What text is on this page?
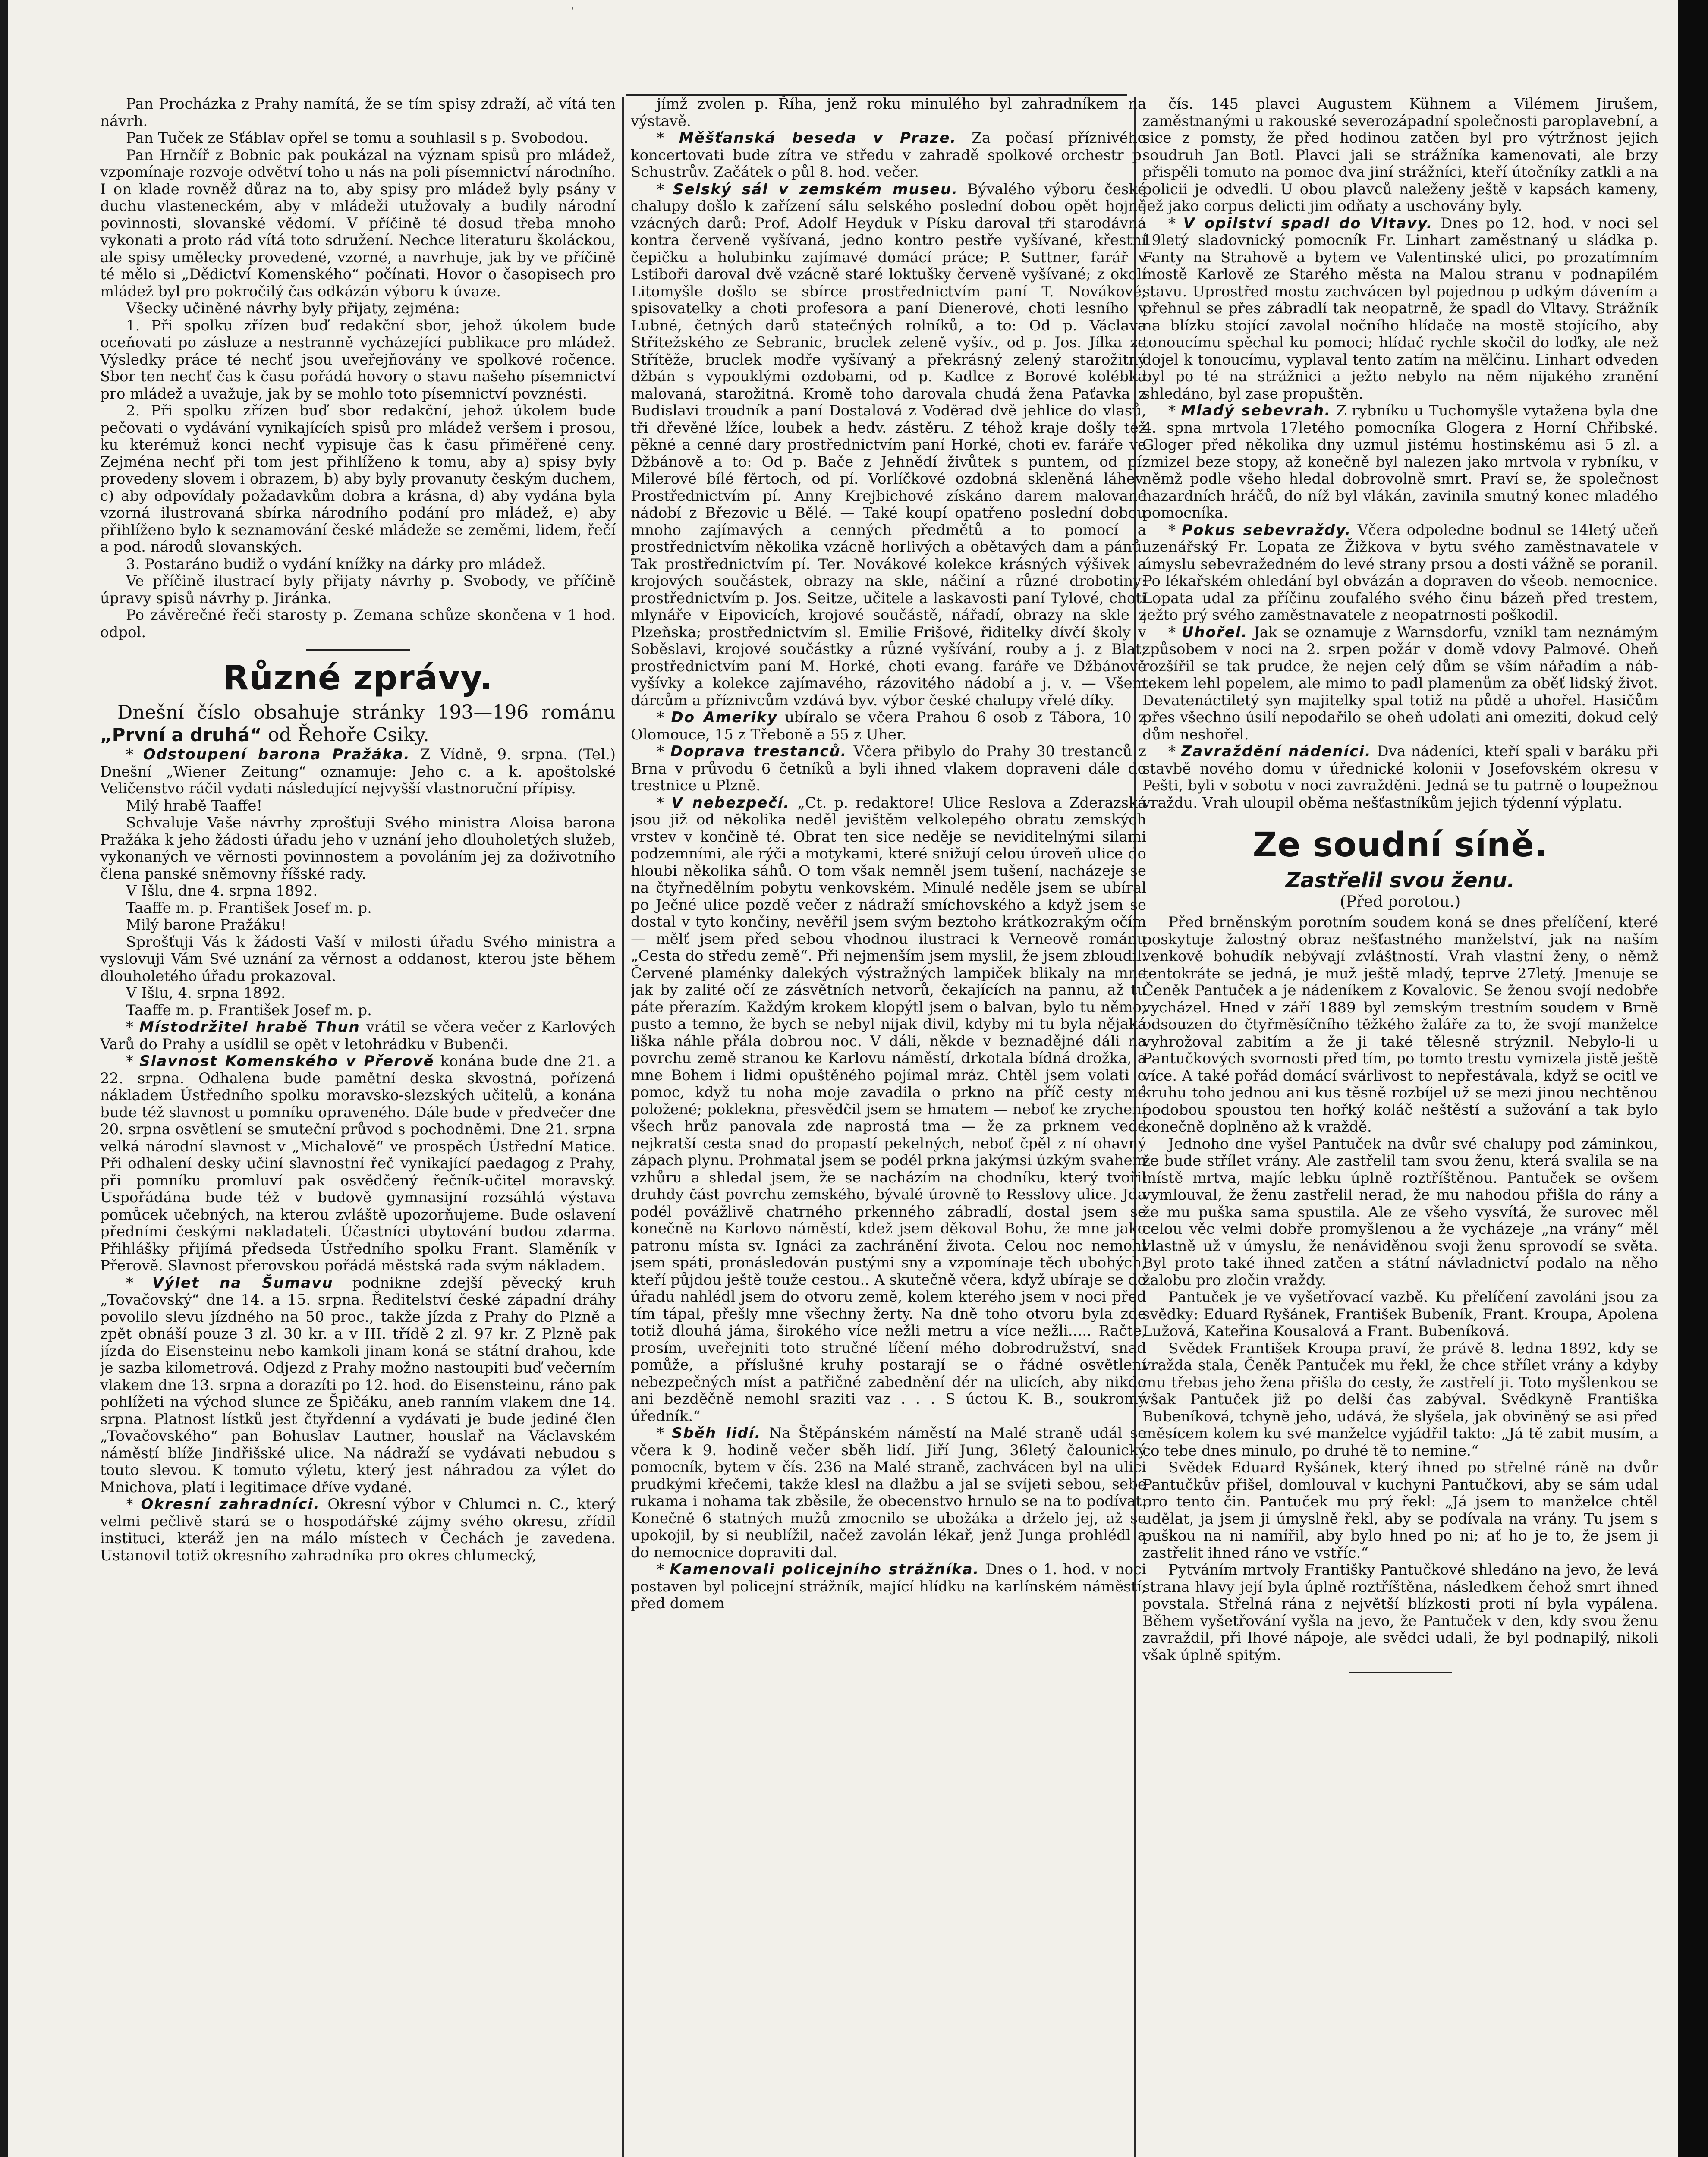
'

Pan Procházka z Prahy namítá, že se tím spisy zdraží, ač vítá ten návrh.

Pan Tuček ze Sťáblav opřel se tomu a souhlasil s p. Svobodou.

Pan Hrnčíř z Bobnic pak poukázal na význam spisů pro mládež, vzpomínaje rozvoje odvětví toho u nás na poli písemnictví národního. I on klade rovněž důraz na to, aby spisy pro mládež byly psány v duchu vlasteneckém, aby v mládeži utužovaly a budily národní povinnosti, slovanské vědomí. V příčině té dosud třeba mnoho vykonati a proto rád vítá toto sdružení. Nechce literaturu školáckou, ale spisy umělecky provedené, vzorné, a navrhuje, jak by ve příčině té mělo si „Dědictví Komenského“ počínati. Hovor o časopisech pro mládež byl pro pokročilý čas odkázán výboru k úvaze.

Všecky učiněné návrhy byly přijaty, zejména:

1. Při spolku zřízen buď redakční sbor, jehož úkolem bude oceňovati po zásluze a nestranně vycházející publikace pro mládež. Výsledky práce té nechť jsou uveřejňovány ve spolkové ročence. Sbor ten nechť čas k času pořádá hovory o stavu našeho písemnictví pro mládež a uvažuje, jak by se mohlo toto písemnictví povznésti.

2. Při spolku zřízen buď sbor redakční, jehož úkolem bude pečovati o vydávání vynikajících spisů pro mládež veršem i prosou, ku kterémuž konci nechť vypisuje čas k času přiměřené ceny. Zejména nechť při tom jest přihlíženo k tomu, aby a) spisy byly provedeny slovem i obrazem, b) aby byly provanuty českým duchem, c) aby odpovídaly požadavkům dobra a krásna, d) aby vydána byla vzorná ilustrovaná sbírka národního podání pro mládež, e) aby přihlíženo bylo k seznamování české mládeže se zeměmi, lidem, řečí a pod. národů slovanských.

3. Postaráno budiž o vydání knížky na dárky pro mládež.

Ve příčině ilustrací byly přijaty návrhy p. Svobody, ve příčině úpravy spisů návrhy p. Jiránka.

Po závěrečné řeči starosty p. Zemana schůze skončena v 1 hod. odpol.

Různé zprávy.

Dnešní číslo obsahuje stránky 193—196 románu „První a druhá“ od Řehoře Csiky.

* Odstoupení barona Pražáka. Z Vídně, 9. srpna. (Tel.) Dnešní „Wiener Zeitung“ oznamuje: Jeho c. a k. apoštolské Veličenstvo ráčil vydati následující nejvyšší vlastnoruční přípisy.

Milý hrabě Taaffe!

Schvaluje Vaše návrhy zprošťuji Svého ministra Aloisa barona Pražáka k jeho žádosti úřadu jeho v uznání jeho dlouholetých služeb, vykonaných ve věrnosti povinnostem a povoláním jej za doživotního člena panské sněmovny říšské rady.

V Išlu, dne 4. srpna 1892.

Taaffe m. p. František Josef m. p.

Milý barone Pražáku!

Sprošťuji Vás k žádosti Vaší v milosti úřadu Svého ministra a vyslovuji Vám Své uznání za věrnost a oddanost, kterou jste během dlouholetého úřadu prokazoval.

V Išlu, 4. srpna 1892.

Taaffe m. p. František Josef m. p.

* Místodržitel hrabě Thun vrátil se včera večer z Karlových Varů do Prahy a usídlil se opět v letohrádku v Bubenči.

* Slavnost Komenského v Přerově konána bude dne 21. a 22. srpna. Odhalena bude pamětní deska skvostná, pořízená nákladem Ústředního spolku moravsko-slezských učitelů, a konána bude též slavnost u pomníku opraveného. Dále bude v předvečer dne 20. srpna osvětlení se smuteční průvod s pochodněmi. Dne 21. srpna velká národní slavnost v „Michalově“ ve prospěch Ústřední Matice. Při odhalení desky učiní slavnostní řeč vynikající paedagog z Prahy, při pomníku promluví pak osvědčený řečník-učitel moravský. Uspořádána bude též v budově gymnasijní rozsáhlá výstava pomůcek učebných, na kterou zvláště upozorňujeme. Bude oslavení předními českými nakladateli. Účastníci ubytování budou zdarma. Přihlášky přijímá předseda Ústředního spolku Frant. Slaměník v Přerově. Slavnost přerovskou pořádá městská rada svým nákladem.

* Výlet na Šumavu podnikne zdejší pěvecký kruh „Tovačovský“ dne 14. a 15. srpna. Ředitelství české západní dráhy povolilo slevu jízdného na 50 proc., takže jízda z Prahy do Plzně a zpět obnáší pouze 3 zl. 30 kr. a v III. třídě 2 zl. 97 kr. Z Plzně pak jízda do Eisensteinu nebo kamkoli jinam koná se státní drahou, kde je sazba kilometrová. Odjezd z Prahy možno nastoupiti buď večerním vlakem dne 13. srpna a dorazíti po 12. hod. do Eisensteinu, ráno pak pohlížeti na východ slunce ze Špičáku, aneb ranním vlakem dne 14. srpna. Platnost lístků jest čtyřdenní a vydávati je bude jediné člen „Tovačovského“ pan Bohuslav Lautner, houslař na Václavském náměstí blíže Jindřišské ulice. Na nádraží se vydávati nebudou s touto slevou. K tomuto výletu, který jest náhradou za výlet do Mnichova, platí i legitimace dříve vydané.

* Okresní zahradníci. Okresní výbor v Chlumci n. C., který velmi pečlivě stará se o hospodářské zájmy svého okresu, zřídil instituci, kteráž jen na málo místech v Čechách je zavedena. Ustanovil totiž okresního zahradníka pro okres chlumecký,

jímž zvolen p. Říha, jenž roku minulého byl zahradníkem na výstavě.

* Měšťanská beseda v Praze. Za počasí příznivého koncertovati bude zítra ve středu v zahradě spolkové orchestr p. Schustrův. Začátek o půl 8. hod. večer.

* Selský sál v zemském museu. Bývalého výboru české chalupy došlo k zařízení sálu selského poslední dobou opět hojně vzácných darů: Prof. Adolf Heyduk v Písku daroval tři starodávná kontra červeně vyšívaná, jedno kontro pestře vyšívané, křestní čepičku a holubinku zajímavé domácí práce; P. Suttner, farář v Lstiboři daroval dvě vzácně staré loktušky červeně vyšívané; z okolí Litomyšle došlo se sbírce prostřednictvím paní T. Novákové, spisovatelky a choti profesora a paní Dienerové, choti lesního v Lubné, četných darů statečných rolníků, a to: Od p. Václava Střítežského ze Sebranic, bruclek zeleně vyšív., od p. Jos. Jílka ze Střítěže, bruclek modře vyšívaný a překrásný zelený starožitný džbán s vypouklými ozdobami, od p. Kadlce z Borové kolébka malovaná, starožitná. Kromě toho darovala chudá žena Paťavka z Budislavi troudník a paní Dostalová z Voděrad dvě jehlice do vlasů, tři dřevěné lžíce, loubek a hedv. zástěru. Z téhož kraje došly též pěkné a cenné dary prostřednictvím paní Horké, choti ev. faráře ve Džbánově a to: Od p. Bače z Jehnědí živůtek s puntem, od pí. Milerové bílé fěrtoch, od pí. Vorlíčkové ozdobná skleněná láhev. Prostřednictvím pí. Anny Krejbichové získáno darem malované nádobí z Březovic u Bělé. — Také koupí opatřeno poslední dobou mnoho zajímavých a cenných předmětů a to pomocí a prostřednictvím několika vzácně horlivých a obětavých dam a pánů. Tak prostřednictvím pí. Ter. Novákové kolekce krásných výšivek a krojových součástek, obrazy na skle, náčiní a různé drobotiny: prostřednictvím p. Jos. Seitze, učitele a laskavosti paní Tylové, choti mlynáře v Eipovicích, krojové součástě, nářadí, obrazy na skle z Plzeňska; prostřednictvím sl. Emilie Frišové, řiditelky dívčí školy v Soběslavi, krojové součástky a různé vyšívání, rouby a j. z Blat; prostřednictvím paní M. Horké, choti evang. faráře ve Džbánově vyšívky a kolekce zajímavého, rázovitého nádobí a j. v. — Všem dárcům a příznivcům vzdává byv. výbor české chalupy vřelé díky.

* Do Ameriky ubíralo se včera Prahou 6 osob z Tábora, 10 z Olomouce, 15 z Třeboně a 55 z Uher.

* Doprava trestanců. Včera přibylo do Prahy 30 trestanců z Brna v průvodu 6 četníků a byli ihned vlakem dopraveni dále do trestnice u Plzně.

* V nebezpečí. „Ct. p. redaktore! Ulice Reslova a Zderazská jsou již od několika neděl jevištěm velkolepého obratu zemských vrstev v končině té. Obrat ten sice neděje se neviditelnými silami podzemními, ale rýči a motykami, které snižují celou úroveň ulice do hloubi několika sáhů. O tom však nemněl jsem tušení, nacházeje se na čtyřnedělním pobytu venkovském. Minulé neděle jsem se ubíral po Ječné ulice pozdě večer z nádraží smíchovského a když jsem se dostal v tyto končiny, nevěřil jsem svým beztoho krátkozrakým očím — mělť jsem před sebou vhodnou ilustraci k Verneově románu „Cesta do středu země“. Při nejmenším jsem myslil, že jsem zbloudil. Červené plaménky dalekých výstražných lampiček blikaly na mne jak by zalité očí ze zásvětních netvorů, čekajících na pannu, až tu páte přerazím. Každým krokem klopýtl jsem o balvan, bylo tu němo, pusto a temno, že bych se nebyl nijak divil, kdyby mi tu byla nějaká liška náhle přála dobrou noc. V dáli, někde v beznadějné dáli na povrchu země stranou ke Karlovu náměstí, drkotala bídná drožka, a mne Bohem i lidmi opuštěného pojímal mráz. Chtěl jsem volati o pomoc, když tu noha moje zavadila o prkno na příč cesty mé položené; poklekna, přesvědčil jsem se hmatem — neboť ke zrychení všech hrůz panovala zde naprostá tma — že za prknem vede nejkratší cesta snad do propastí pekelných, neboť čpěl z ní ohavný zápach plynu. Prohmatal jsem se podél prkna jakýmsi úzkým svahem vzhůru a shledal jsem, že se nacházím na chodníku, který tvořil druhdy část povrchu zemského, bývalé úrovně to Resslovy ulice. Jda podél povážlivě chatrného prkenného zábradlí, dostal jsem se konečně na Karlovo náměstí, kdež jsem děkoval Bohu, že mne jako patronu místa sv. Ignáci za zachránění života. Celou noc nemohl jsem spáti, pronásledován pustými sny a vzpomínaje těch ubohých, kteří půjdou ještě touže cestou.. A skutečně včera, když ubíraje se do úřadu nahlédl jsem do otvoru země, kolem kterého jsem v noci před tím tápal, přešly mne všechny žerty. Na dně toho otvoru byla zde totiž dlouhá jáma, širokého více nežli metru a více nežli..... Račte, prosím, uveřejniti toto stručné líčení mého dobrodružství, snad pomůže, a příslušné kruhy postarají se o řádné osvětlení nebezpečných míst a patřičné zabednění dér na ulicích, aby nikdo ani bezděčně nemohl sraziti vaz . . . S úctou K. B., soukromý úředník.“

* Sběh lidí. Na Štěpánském náměstí na Malé straně udál se včera k 9. hodině večer sběh lidí. Jiří Jung, 36letý čalounický pomocník, bytem v čís. 236 na Malé straně, zachvácen byl na ulici prudkými křečemi, takže klesl na dlažbu a jal se svíjeti sebou, sebe rukama i nohama tak zběsile, že obecenstvo hrnulo se na to podívat. Konečně 6 statných mužů zmocnilo se ubožáka a drželo jej, až se upokojil, by si neublížil, načež zavolán lékař, jenž Junga prohlédl a do nemocnice dopraviti dal.

* Kamenovali policejního strážníka. Dnes o 1. hod. v noci postaven byl policejní strážník, mající hlídku na karlínském náměstí, před domem

čís. 145 plavci Augustem Kühnem a Vilémem Jirušem, zaměstnanými u rakouské severozápadní společnosti paroplavební, a sice z pomsty, že před hodinou zatčen byl pro výtržnost jejich soudruh Jan Botl. Plavci jali se strážníka kamenovati, ale brzy přispěli tomuto na pomoc dva jiní strážníci, kteří útočníky zatkli a na policii je odvedli. U obou plavců naleženy ještě v kapsách kameny, jež jako corpus delicti jim odňaty a uschovány byly.

* V opilství spadl do Vltavy. Dnes po 12. hod. v noci sel 19letý sladovnický pomocník Fr. Linhart zaměstnaný u sládka p. Fanty na Strahově a bytem ve Valentinské ulici, po prozatímním mostě Karlově ze Starého města na Malou stranu v podnapilém stavu. Uprostřed mostu zachvácen byl pojednou p udkým dávením a přehnul se přes zábradlí tak neopatrně, že spadl do Vltavy. Strážník na blízku stojící zavolal nočního hlídače na mostě stojícího, aby tonoucímu spěchal ku pomoci; hlídač rychle skočil do loďky, ale než dojel k tonoucímu, vyplaval tento zatím na mělčinu. Linhart odveden byl po té na strážnici a ježto nebylo na něm nijakého zranění shledáno, byl zase propuštěn.

* Mladý sebevrah. Z rybníku u Tuchomyšle vytažena byla dne 4. spna mrtvola 17letého pomocníka Glogera z Horní Chřibské. Gloger před několika dny uzmul jistému hostinskému asi 5 zl. a zmizel beze stopy, až konečně byl nalezen jako mrtvola v rybníku, v němž podle všeho hledal dobrovolně smrt. Praví se, že společnost hazardních hráčů, do níž byl vlákán, zavinila smutný konec mladého pomocníka.

* Pokus sebevraždy. Včera odpoledne bodnul se 14letý učeň uzenářský Fr. Lopata ze Žižkova v bytu svého zaměstnavatele v úmyslu sebevražedném do levé strany prsou a dosti vážně se poranil. Po lékařském ohledání byl obvázán a dopraven do všeob. nemocnice. Lopata udal za příčinu zoufalého svého činu bázeň před trestem, ježto prý svého zaměstnavatele z neopatrnosti poškodil.

* Uhořel. Jak se oznamuje z Warnsdorfu, vznikl tam neznámým způsobem v noci na 2. srpen požár v domě vdovy Palmové. Oheň rozšířil se tak prudce, že nejen celý dům se vším nářadím a náb- tekem lehl popelem, ale mimo to padl plamenům za oběť lidský život. Devatenáctiletý syn majitelky spal totiž na půdě a uhořel. Hasičům přes všechno úsilí nepodařilo se oheň udolati ani omeziti, dokud celý dům neshořel.

* Zavraždění nádeníci. Dva nádeníci, kteří spali v baráku při stavbě nového domu v úřednické kolonii v Josefovském okresu v Pešti, byli v sobotu v noci zavražděni. Jedná se tu patrně o loupežnou vraždu. Vrah uloupil oběma nešťastníkům jejich týdenní výplatu.

Ze soudní síně.
Zastřelil svou ženu.
(Před porotou.)

Před brněnským porotním soudem koná se dnes přelíčení, které poskytuje žalostný obraz nešťastného manželství, jak na naším venkově bohudík nebývají zvláštností. Vrah vlastní ženy, o němž tentokráte se jedná, je muž ještě mladý, teprve 27letý. Jmenuje se Čeněk Pantuček a je nádeníkem z Kovalovic. Se ženou svojí nedobře vycházel. Hned v září 1889 byl zemským trestním soudem v Brně odsouzen do čtyřměsíčního těžkého žaláře za to, že svojí manželce vyhrožoval zabitím a že ji také tělesně strýznil. Nebylo-li u Pantučkových svornosti před tím, po tomto trestu vymizela jistě ještě více. A také pořád domácí svárlivost to nepřestávala, když se ocitl ve kruhu toho jednou ani kus těsně rozbíjel už se mezi jinou nechtěnou podobou spoustou ten hořký koláč neštěstí a sužování a tak bylo konečně doplněno až k vraždě.

Jednoho dne vyšel Pantuček na dvůr své chalupy pod záminkou, že bude střílet vrány. Ale zastřelil tam svou ženu, která svalila se na místě mrtva, majíc lebku úplně roztříštěnou. Pantuček se ovšem vymlouval, že ženu zastřelil nerad, že mu nahodou přišla do rány a že mu puška sama spustila. Ale ze všeho vysvítá, že surovec měl celou věc velmi dobře promyšlenou a že vycházeje „na vrány“ měl vlastně už v úmyslu, že nenáviděnou svoji ženu sprovodí se světa. Byl proto také ihned zatčen a státní návladnictví podalo na něho žalobu pro zločin vraždy.

Pantuček je ve vyšetřovací vazbě. Ku přelíčení zavoláni jsou za svědky: Eduard Ryšánek, František Bubeník, Frant. Kroupa, Apolena Lužová, Kateřina Kousalová a Frant. Bubeníková.

Svědek František Kroupa praví, že právě 8. ledna 1892, kdy se vražda stala, Čeněk Pantuček mu řekl, že chce střílet vrány a kdyby mu třebas jeho žena přišla do cesty, že zastřelí ji. Toto myšlenkou se však Pantuček již po delší čas zabýval. Svědkyně Františka Bubeníková, tchyně jeho, udává, že slyšela, jak obviněný se asi před měsícem kolem ku své manželce vyjádřil takto: „Já tě zabit musím, a co tebe dnes minulo, po druhé tě to nemine.“

Svědek Eduard Ryšánek, který ihned po střelné ráně na dvůr Pantučkův přišel, domlouval v kuchyni Pantučkovi, aby se sám udal pro tento čin. Pantuček mu prý řekl: „Já jsem to manželce chtěl udělat, ja jsem ji úmyslně řekl, aby se podívala na vrány. Tu jsem s puškou na ni namířil, aby bylo hned po ni; ať ho je to, že jsem ji zastřelit ihned ráno ve vstříc.“

Pytváním mrtvoly Františky Pantučkové shledáno na jevo, že levá strana hlavy její byla úplně roztříštěna, následkem čehož smrt ihned povstala. Střelná rána z největší blízkosti proti ní byla vypálena. Během vyšetřování vyšla na jevo, že Pantuček v den, kdy svou ženu zavraždil, při lhové nápoje, ale svědci udali, že byl podnapilý, nikoli však úplně spitým.
